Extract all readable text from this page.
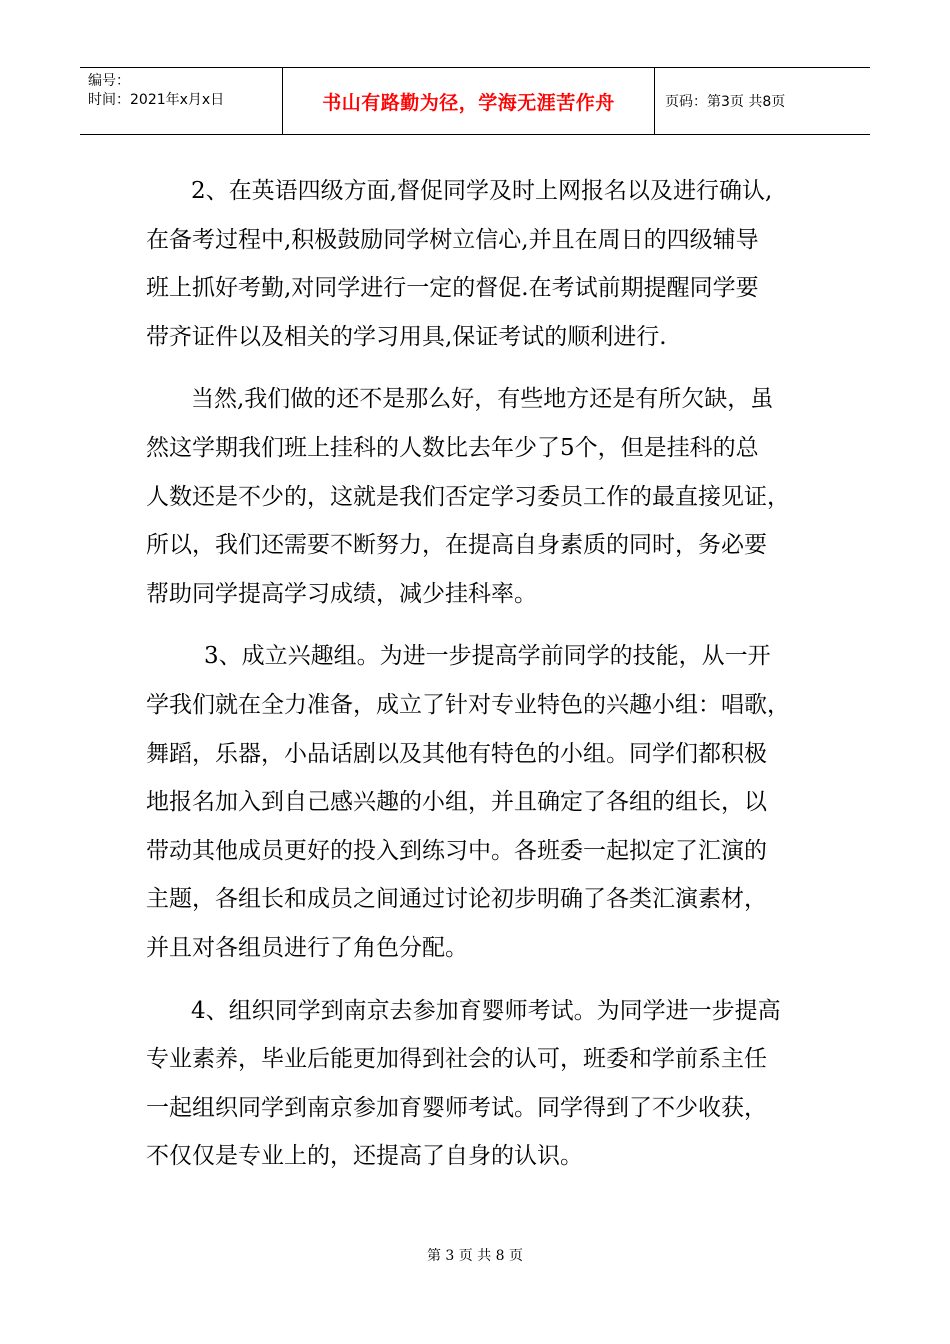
编号：
时间：2021年x月x日	书山有路勤为径，学海无涯苦作舟	页码：第3页 共8页
2、在英语四级方面,督促同学及时上网报名以及进行确认,
在备考过程中,积极鼓励同学树立信心,并且在周日的四级辅导
班上抓好考勤,对同学进行一定的督促.在考试前期提醒同学要
带齐证件以及相关的学习用具,保证考试的顺利进行.
当然,我们做的还不是那么好，有些地方还是有所欠缺，虽
然这学期我们班上挂科的人数比去年少了5个，但是挂科的总
人数还是不少的，这就是我们否定学习委员工作的最直接见证，
所以，我们还需要不断努力，在提高自身素质的同时，务必要
帮助同学提高学习成绩，减少挂科率。
3、成立兴趣组。为进一步提高学前同学的技能，从一开
学我们就在全力准备，成立了针对专业特色的兴趣小组：唱歌，
舞蹈，乐器，小品话剧以及其他有特色的小组。同学们都积极
地报名加入到自己感兴趣的小组，并且确定了各组的组长，以
带动其他成员更好的投入到练习中。各班委一起拟定了汇演的
主题，各组长和成员之间通过讨论初步明确了各类汇演素材，
并且对各组员进行了角色分配。
4、组织同学到南京去参加育婴师考试。为同学进一步提高
专业素养，毕业后能更加得到社会的认可，班委和学前系主任
一起组织同学到南京参加育婴师考试。同学得到了不少收获，
不仅仅是专业上的，还提高了自身的认识。
第 3 页 共 8 页
